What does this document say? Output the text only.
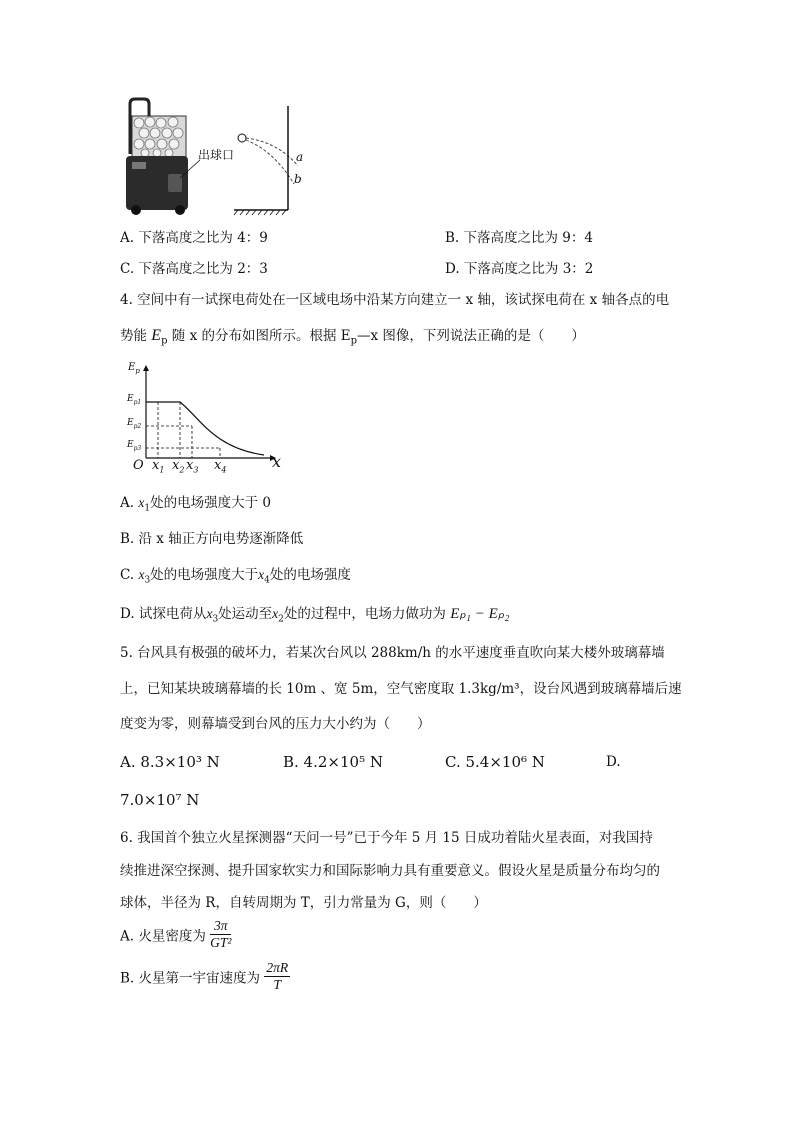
出球口	a
b
A. 下落高度之比为 4：9	B. 下落高度之比为 9：4
C. 下落高度之比为 2：3	D. 下落高度之比为 3：2
4. 空间中有一试探电荷处在一区域电场中沿某方向建立一 x 轴，该试探电荷在 x 轴各点的电
势能 $E_p$ 随 x 的分布如图所示。根据 $E_p—x$ 图像，下列说法正确的是（　　）
$E_p$
$E_{p1}$
$E_{p2}$
$E_{p3}$
O $x_1$ $x_2$ $x_3$ $x_4$	x
A. $x_1$处的电场强度大于 0
B. 沿 x 轴正方向电势逐渐降低
C. $x_3$处的电场强度大于$x_4$处的电场强度
D. 试探电荷从$x_3$处运动至$x_2$处的过程中，电场力做功为 Eₚ₁ − Eₚ₂
5. 台风具有极强的破坏力，若某次台风以 288km/h 的水平速度垂直吹向某大楼外玻璃幕墙
上，已知某块玻璃幕墙的长 10m 、宽 5m，空气密度取 1.3kg/m³，设台风遇到玻璃幕墙后速
度变为零，则幕墙受到台风的压力大小约为（　　）
A. 8.3×10³ N	B. 4.2×10⁵ N	C. 5.4×10⁶ N	D.
7.0×10⁷ N
6. 我国首个独立火星探测器“天问一号”已于今年 5 月 15 日成功着陆火星表面，对我国持
续推进深空探测、提升国家软实力和国际影响力具有重要意义。假设火星是质量分布均匀的
球体，半径为 R，自转周期为 T，引力常量为 G，则（　　）
A. 火星密度为 $\frac{3\pi}{\text{GT²}}$
B. 火星第一宇宙速度为 $\frac{2\pi R}{T}$
